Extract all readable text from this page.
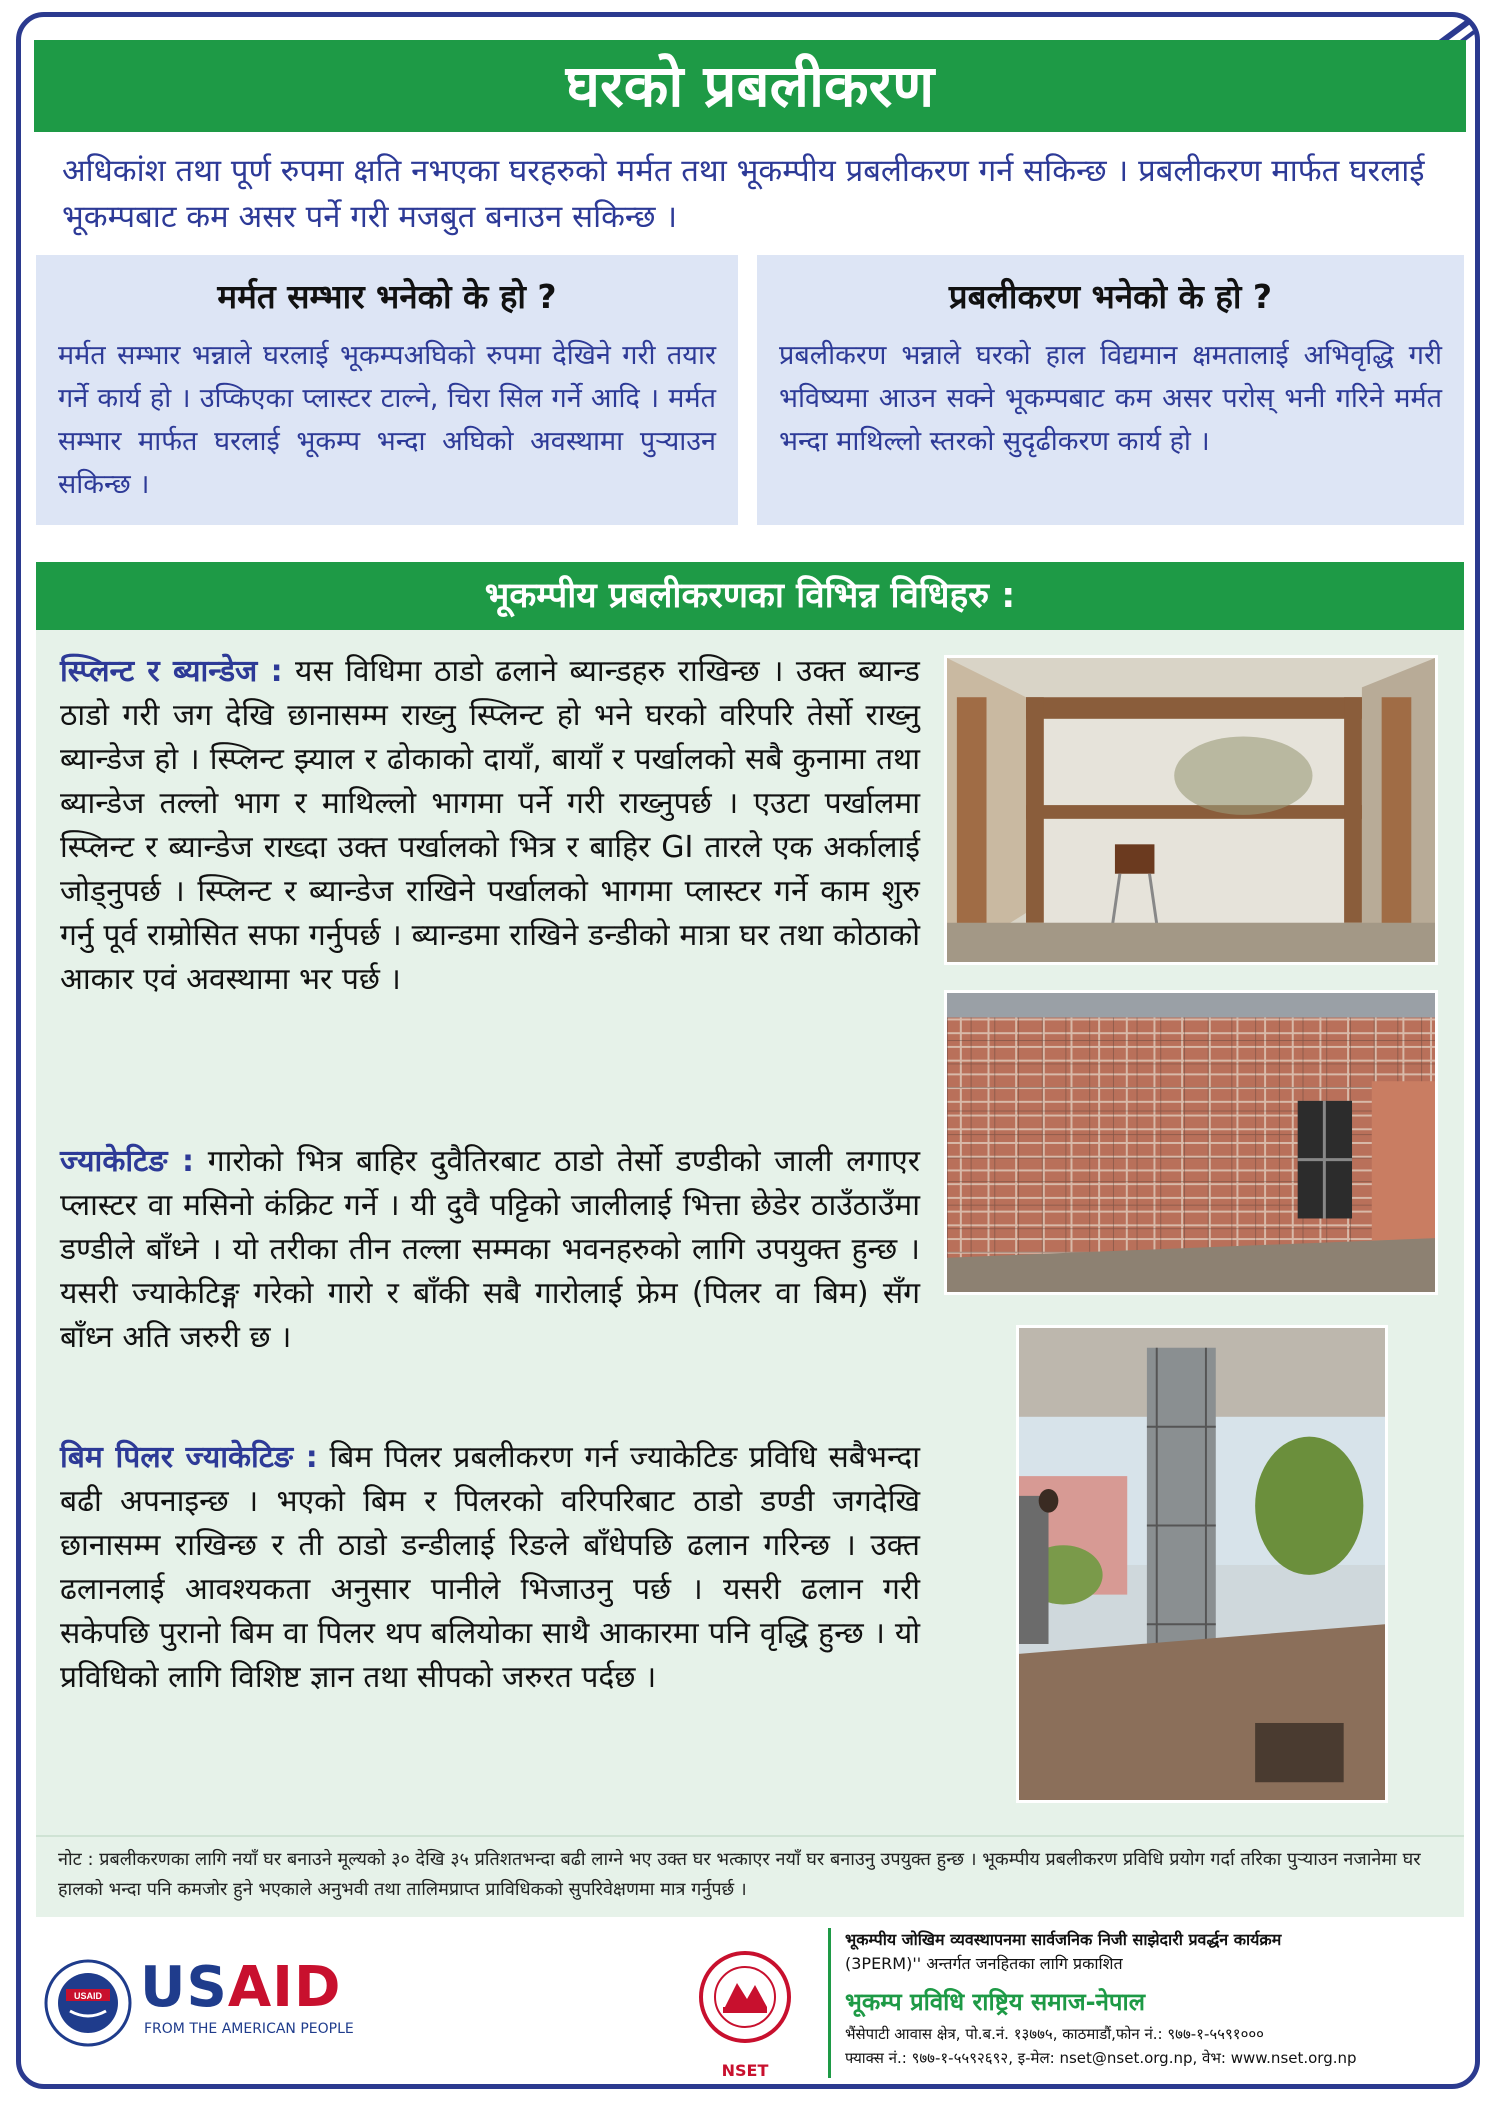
घरको प्रबलीकरण
अधिकांश तथा पूर्ण रुपमा क्षति नभएका घरहरुको मर्मत तथा भूकम्पीय प्रबलीकरण गर्न सकिन्छ । प्रबलीकरण मार्फत घरलाई भूकम्पबाट कम असर पर्ने गरी मजबुत बनाउन सकिन्छ ।
मर्मत सम्भार भनेको के हो ?

मर्मत सम्भार भन्नाले घरलाई भूकम्पअघिको रुपमा देखिने गरी तयार गर्ने कार्य हो । उप्किएका प्लास्टर टाल्ने, चिरा सिल गर्ने आदि । मर्मत सम्भार मार्फत घरलाई भूकम्प भन्दा अघिको अवस्थामा पुऱ्याउन सकिन्छ ।

प्रबलीकरण भनेको के हो ?

प्रबलीकरण भन्नाले घरको हाल विद्यमान क्षमतालाई अभिवृद्धि गरी भविष्यमा आउन सक्ने भूकम्पबाट कम असर परोस् भनी गरिने मर्मत भन्दा माथिल्लो स्तरको सुदृढीकरण कार्य हो ।

भूकम्पीय प्रबलीकरणका विभिन्न विधिहरु :
स्प्लिन्ट र ब्यान्डेज : यस विधिमा ठाडो ढलाने ब्यान्डहरु राखिन्छ । उक्त ब्यान्ड ठाडो गरी जग देखि छानासम्म राख्नु स्प्लिन्ट हो भने घरको वरिपरि तेर्सो राख्नु ब्यान्डेज हो । स्प्लिन्ट झ्याल र ढोकाको दायाँ, बायाँ र पर्खालको सबै कुनामा तथा ब्यान्डेज तल्लो भाग र माथिल्लो भागमा पर्ने गरी राख्नुपर्छ । एउटा पर्खालमा स्प्लिन्ट र ब्यान्डेज राख्दा उक्त पर्खालको भित्र र बाहिर GI तारले एक अर्कालाई जोड्नुपर्छ । स्प्लिन्ट र ब्यान्डेज राखिने पर्खालको भागमा प्लास्टर गर्ने काम शुरु गर्नु पूर्व राम्रोसित सफा गर्नुपर्छ । ब्यान्डमा राखिने डन्डीको मात्रा घर तथा कोठाको आकार एवं अवस्थामा भर पर्छ ।
ज्याकेटिङ : गारोको भित्र बाहिर दुवैतिरबाट ठाडो तेर्सो डण्डीको जाली लगाएर प्लास्टर वा मसिनो कंक्रिट गर्ने । यी दुवै पट्टिको जालीलाई भित्ता छेडेर ठाउँठाउँमा डण्डीले बाँध्ने । यो तरीका तीन तल्ला सम्मका भवनहरुको लागि उपयुक्त हुन्छ । यसरी ज्याकेटिङ्ग गरेको गारो र बाँकी सबै गारोलाई फ्रेम (पिलर वा बिम) सँग बाँध्न अति जरुरी छ ।
बिम पिलर ज्याकेटिङ : बिम पिलर प्रबलीकरण गर्न ज्याकेटिङ प्रविधि सबैभन्दा बढी अपनाइन्छ । भएको बिम र पिलरको वरिपरिबाट ठाडो डण्डी जगदेखि छानासम्म राखिन्छ र ती ठाडो डन्डीलाई रिङले बाँधेपछि ढलान गरिन्छ । उक्त ढलानलाई आवश्यकता अनुसार पानीले भिजाउनु पर्छ । यसरी ढलान गरी सकेपछि पुरानो बिम वा पिलर थप बलियोका साथै आकारमा पनि वृद्धि हुन्छ । यो प्रविधिको लागि विशिष्ट ज्ञान तथा सीपको जरुरत पर्दछ ।
नोट : प्रबलीकरणका लागि नयाँ घर बनाउने मूल्यको ३० देखि ३५ प्रतिशतभन्दा बढी लाग्ने भए उक्त घर भत्काएर नयाँ घर बनाउनु उपयुक्त हुन्छ । भूकम्पीय प्रबलीकरण प्रविधि प्रयोग गर्दा तरिका पुऱ्याउन नजानेमा घर हालको भन्दा पनि कमजोर हुने भएकाले अनुभवी तथा तालिमप्राप्त प्राविधिकको सुपरिवेक्षणमा मात्र गर्नुपर्छ ।
USAID USAID
FROM THE AMERICAN PEOPLE
NSET
भूकम्पीय जोखिम व्यवस्थापनमा सार्वजनिक निजी साझेदारी प्रवर्द्धन कार्यक्रम
(3PERM)'' अन्तर्गत जनहितका लागि प्रकाशित
भूकम्प प्रविधि राष्ट्रिय समाज-नेपाल
भैंसेपाटी आवास क्षेत्र, पो.ब.नं. १३७७५, काठमाडौं,फोन नं.: ९७७-१-५५९१०००
फ्याक्स नं.: ९७७-१-५५९२६९२, इ-मेल: nset@nset.org.np, वेभ: www.nset.org.np
